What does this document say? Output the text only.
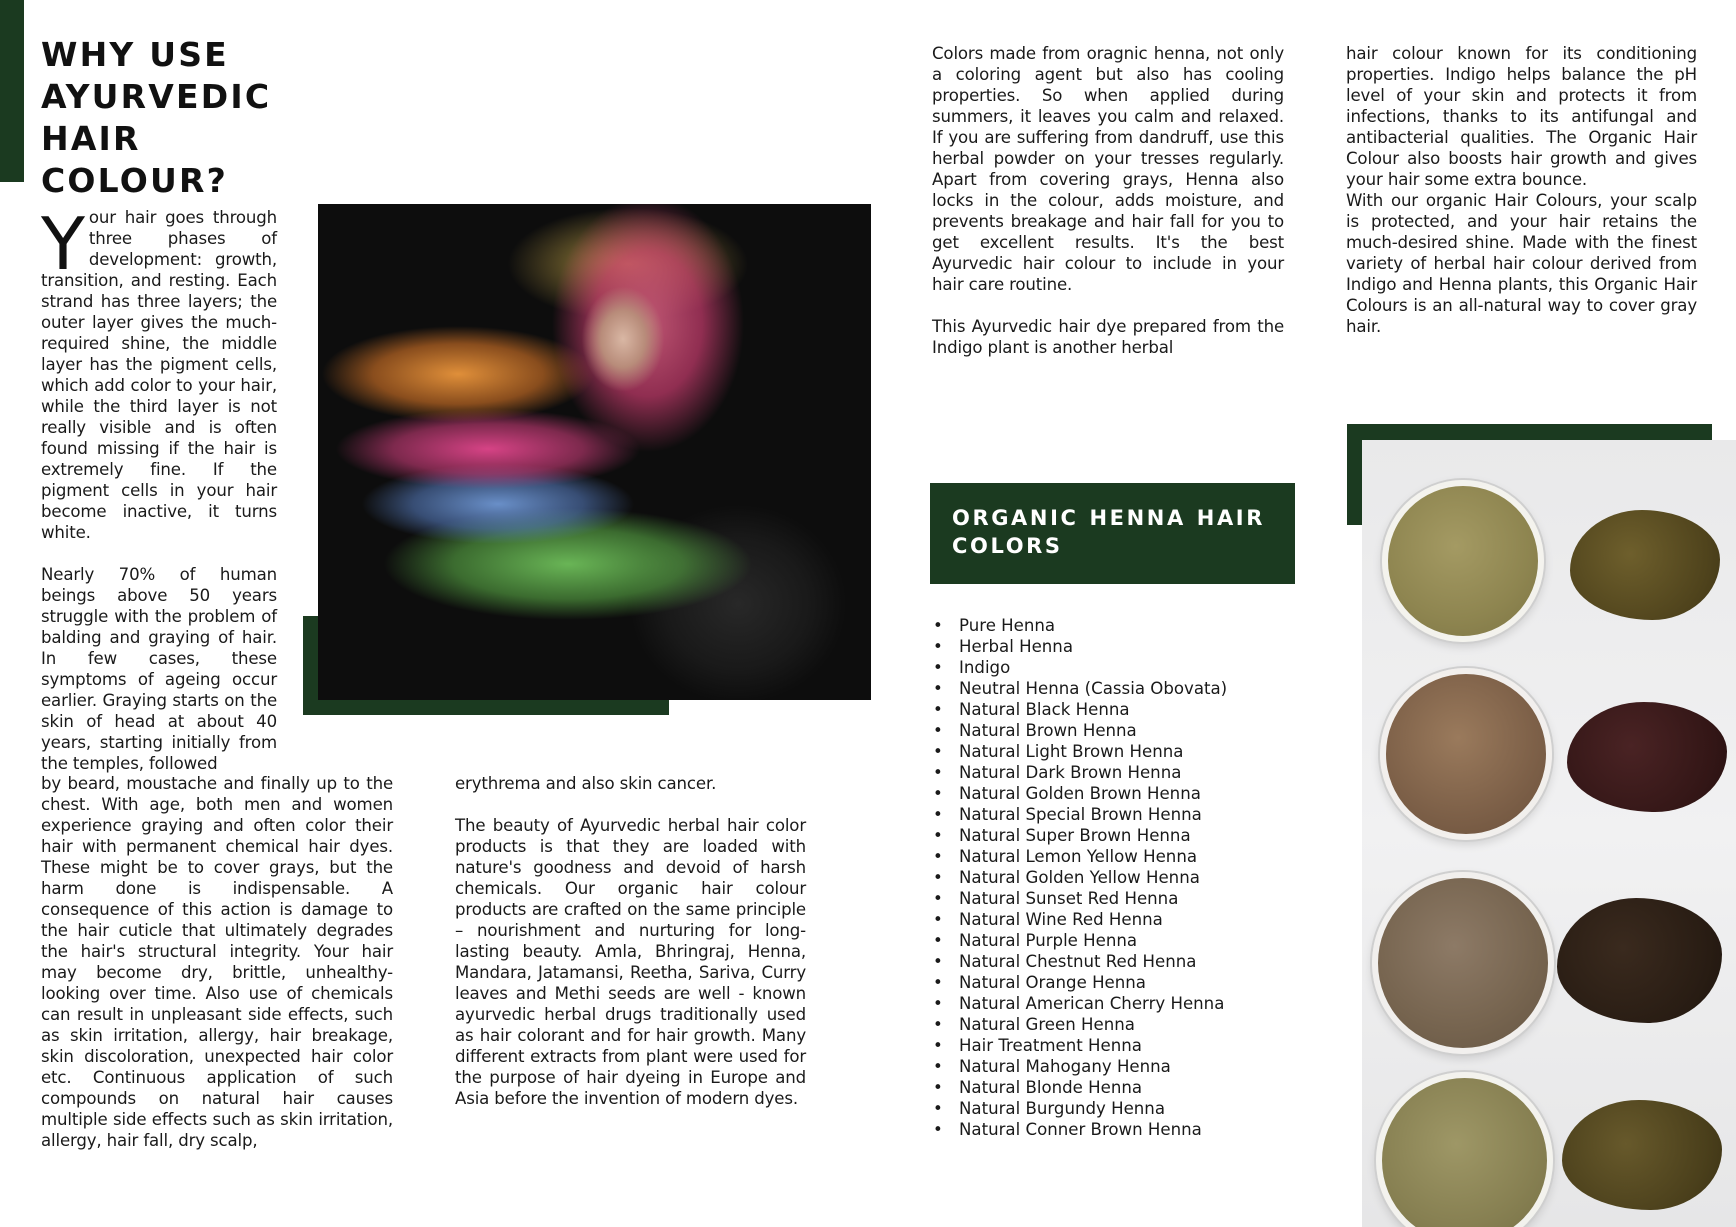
WHY USE

AYURVEDIC HAIR

COLOUR?

Y our hair goes through three phases of development: growth, transition, and resting. Each strand has three layers; the outer layer gives the much-required shine, the middle layer has the pigment cells, which add color to your hair, while the third layer is not really visible and is often found missing if the hair is extremely fine. If the pigment cells in your hair become inactive, it turns white.

Nearly 70% of human beings above 50 years struggle with the problem of balding and graying of hair. In few cases, these symptoms of ageing occur earlier. Graying starts on the skin of head at about 40 years, starting initially from the temples, followed

by beard, moustache and finally up to the chest. With age, both men and women experience graying and often color their hair with permanent chemical hair dyes. These might be to cover grays, but the harm done is indispensable. A consequence of this action is damage to the hair cuticle that ultimately degrades the hair's structural integrity. Your hair may become dry, brittle, unhealthy-looking over time. Also use of chemicals can result in unpleasant side effects, such as skin irritation, allergy, hair breakage, skin discoloration, unexpected hair color etc. Continuous application of such compounds on natural hair causes multiple side effects such as skin irritation, allergy, hair fall, dry scalp,

erythrema and also skin cancer.

The beauty of Ayurvedic herbal hair color products is that they are loaded with nature's goodness and devoid of harsh chemicals. Our organic hair colour products are crafted on the same principle – nourishment and nurturing for long-lasting beauty. Amla, Bhringraj, Henna, Mandara, Jatamansi, Reetha, Sariva, Curry leaves and Methi seeds are well - known ayurvedic herbal drugs traditionally used as hair colorant and for hair growth. Many different extracts from plant were used for the purpose of hair dyeing in Europe and Asia before the invention of modern dyes.

Colors made from oragnic henna, not only a coloring agent but also has cooling properties. So when applied during summers, it leaves you calm and relaxed. If you are suffering from dandruff, use this herbal powder on your tresses regularly. Apart from covering grays, Henna also locks in the colour, adds moisture, and prevents breakage and hair fall for you to get excellent results. It's the best Ayurvedic hair colour to include in your hair care routine.

This Ayurvedic hair dye prepared from the Indigo plant is another herbal

hair colour known for its conditioning properties. Indigo helps balance the pH level of your skin and protects it from infections, thanks to its antifungal and antibacterial qualities. The Organic Hair Colour also boosts hair growth and gives your hair some extra bounce.

With our organic Hair Colours, your scalp is protected, and your hair retains the much-desired shine. Made with the finest variety of herbal hair colour derived from Indigo and Henna plants, this Organic Hair Colours is an all-natural way to cover gray hair.

ORGANIC HENNA HAIR COLORS

• Pure Henna
• Herbal Henna
• Indigo
• Neutral Henna (Cassia Obovata)
• Natural Black Henna
• Natural Brown Henna
• Natural Light Brown Henna
• Natural Dark Brown Henna
• Natural Golden Brown Henna
• Natural Special Brown Henna
• Natural Super Brown Henna
• Natural Lemon Yellow Henna
• Natural Golden Yellow Henna
• Natural Sunset Red Henna
• Natural Wine Red Henna
• Natural Purple Henna
• Natural Chestnut Red Henna
• Natural Orange Henna
• Natural American Cherry Henna
• Natural Green Henna
• Hair Treatment Henna
• Natural Mahogany Henna
• Natural Blonde Henna
• Natural Burgundy Henna
• Natural Conner Brown Henna
